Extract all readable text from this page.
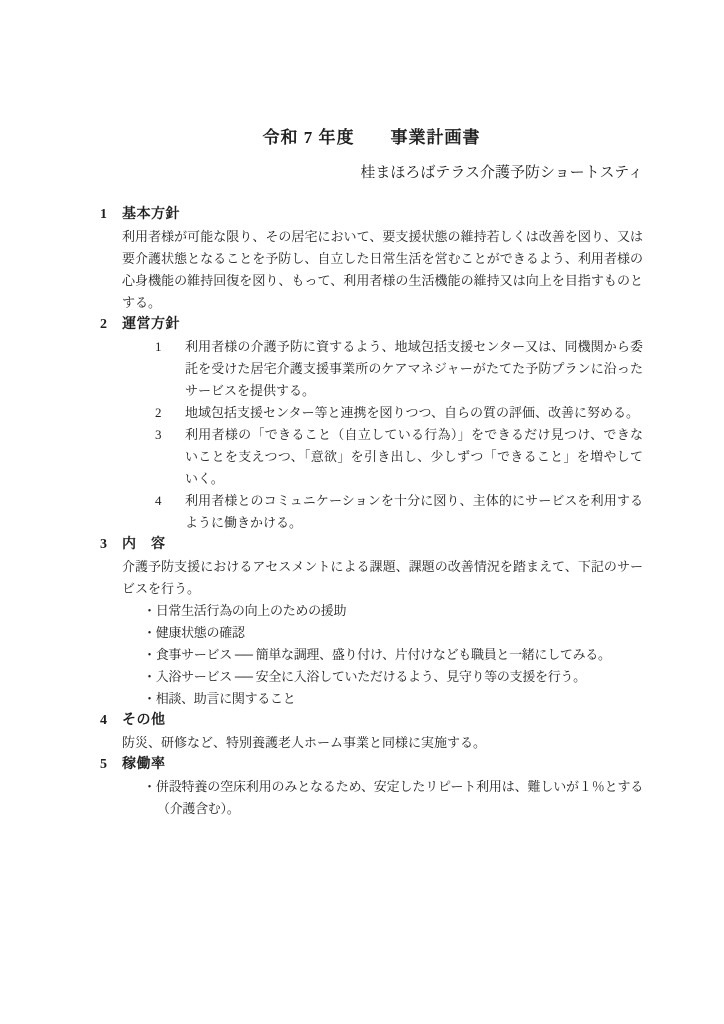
令和 7 年度　　事業計画書
桂まほろばテラス介護予防ショートスティ
1	基本方針

利用者様が可能な限り、その居宅において、要支援状態の維持若しくは改善を図り、又は要介護状態となることを予防し、自立した日常生活を営むことができるよう、利用者様の心身機能の維持回復を図り、もって、利用者様の生活機能の維持又は向上を目指すものとする。

2	運営方針
1	利用者様の介護予防に資するよう、地域包括支援センター又は、同機関から委託を受けた居宅介護支援事業所のケアマネジャーがたてた予防プランに沿ったサービスを提供する。
2	地域包括支援センター等と連携を図りつつ、自らの質の評価、改善に努める。
3	利用者様の「できること（自立している行為）」をできるだけ見つけ、できないことを支えつつ、「意欲」を引き出し、少しずつ「できること」を増やしていく。
4	利用者様とのコミュニケーションを十分に図り、主体的にサービスを利用するように働きかける。
3	内　容

介護予防支援におけるアセスメントによる課題、課題の改善情況を踏まえて、下記のサービスを行う。

・日常生活行為の向上のための援助
・健康状態の確認
・食事サービス ── 簡単な調理、盛り付け、片付けなども職員と一緒にしてみる。
・入浴サービス ── 安全に入浴していただけるよう、見守り等の支援を行う。
・相談、助言に関すること
4	その他

防災、研修など、特別養護老人ホーム事業と同様に実施する。

5	稼働率
・併設特養の空床利用のみとなるため、安定したリピート利用は、難しいが１％とする（介護含む）。
